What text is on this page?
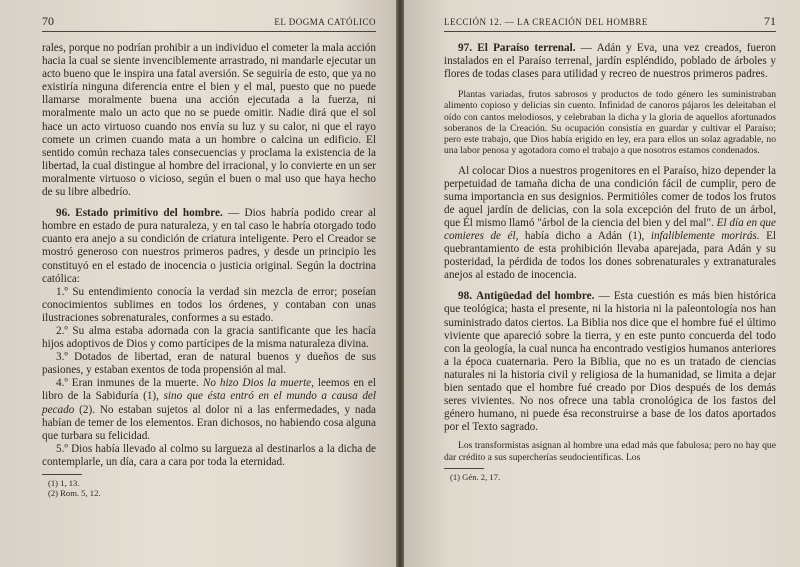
70	EL DOGMA CATÓLICO

rales, porque no podrían prohibir a un individuo el cometer la mala acción hacia la cual se siente invenciblemente arrastrado, ni mandarle ejecutar un acto bueno que le inspira una fatal aversión. Se seguiría de esto, que ya no existiría ninguna diferencia entre el bien y el mal, puesto que no puede llamarse moralmente buena una acción ejecutada a la fuerza, ni moralmente malo un acto que no se puede omitir. Nadie dirá que el sol hace un acto virtuoso cuando nos envía su luz y su calor, ni que el rayo comete un crimen cuando mata a un hombre o calcina un edificio. El sentido común rechaza tales consecuencias y proclama la existencia de la libertad, la cual distingue al hombre del irracional, y lo convierte en un ser moralmente virtuoso o vicioso, según el buen o mal uso que haya hecho de su libre albedrío.

96. Estado primitivo del hombre. — Dios habría podido crear al hombre en estado de pura naturaleza, y en tal caso le habría otorgado todo cuanto era anejo a su condición de criatura inteligente. Pero el Creador se mostró generoso con nuestros primeros padres, y desde un principio les constituyó en el estado de inocencia o justicia original. Según la doctrina católica:

1.º Su entendimiento conocía la verdad sin mezcla de error; poseían conocimientos sublimes en todos los órdenes, y contaban con unas ilustraciones sobrenaturales, conformes a su estado.

2.º Su alma estaba adornada con la gracia santificante que les hacía hijos adoptivos de Dios y como partícipes de la misma naturaleza divina.

3.º Dotados de libertad, eran de natural buenos y dueños de sus pasiones, y estaban exentos de toda propensión al mal.

4.º Eran inmunes de la muerte. No hizo Dios la muerte, leemos en el libro de la Sabiduría (1), sino que ésta entró en el mundo a causa del pecado (2). No estaban sujetos al dolor ni a las enfermedades, y nada habían de temer de los elementos. Eran dichosos, no habiendo cosa alguna que turbara su felicidad.

5.º Dios había llevado al colmo su largueza al destinarlos a la dicha de contemplarle, un día, cara a cara por toda la eternidad.

(1) 1, 13.
(2) Rom. 5, 12.
LECCIÓN 12. — LA CREACIÓN DEL HOMBRE	71

97. El Paraíso terrenal. — Adán y Eva, una vez creados, fueron instalados en el Paraíso terrenal, jardín espléndido, poblado de árboles y flores de todas clases para utilidad y recreo de nuestros primeros padres.

Plantas variadas, frutos sabrosos y productos de todo género les suministraban alimento copioso y delicias sin cuento. Infinidad de canoros pájaros les deleitaban el oído con cantos melodiosos, y celebraban la dicha y la gloria de aquellos afortunados soberanos de la Creación. Su ocupación consistía en guardar y cultivar el Paraíso; pero este trabajo, que Dios había erigido en ley, era para ellos un solaz agradable, no una labor penosa y agotadora como el trabajo a que nosotros estamos condenados.

Al colocar Dios a nuestros progenitores en el Paraíso, hizo depender la perpetuidad de tamaña dicha de una condición fácil de cumplir, pero de suma importancia en sus designios. Permitióles comer de todos los frutos de aquel jardín de delicias, con la sola excepción del fruto de un árbol, que Él mismo llamó "árbol de la ciencia del bien y del mal". El día en que comieres de él, había dicho a Adán (1), infaliblemente morirás. El quebrantamiento de esta prohibición llevaba aparejada, para Adán y su posteridad, la pérdida de todos los dones sobrenaturales y extranaturales anejos al estado de inocencia.

98. Antigüedad del hombre. — Esta cuestión es más bien histórica que teológica; hasta el presente, ni la historia ni la paleontología nos han suministrado datos ciertos. La Biblia nos dice que el hombre fué el último viviente que apareció sobre la tierra, y en este punto concuerda del todo con la geología, la cual nunca ha encontrado vestigios humanos anteriores a la época cuaternaria. Pero la Biblia, que no es un tratado de ciencias naturales ni la historia civil y religiosa de la humanidad, se limita a dejar bien sentado que el hombre fué creado por Dios después de los demás seres vivientes. No nos ofrece una tabla cronológica de los fastos del género humano, ni puede ésa reconstruirse a base de los datos aportados por el Texto sagrado.

Los transformistas asignan al hombre una edad más que fabulosa; pero no hay que dar crédito a sus supercherías seudocientíficas. Los

(1) Gén. 2, 17.
